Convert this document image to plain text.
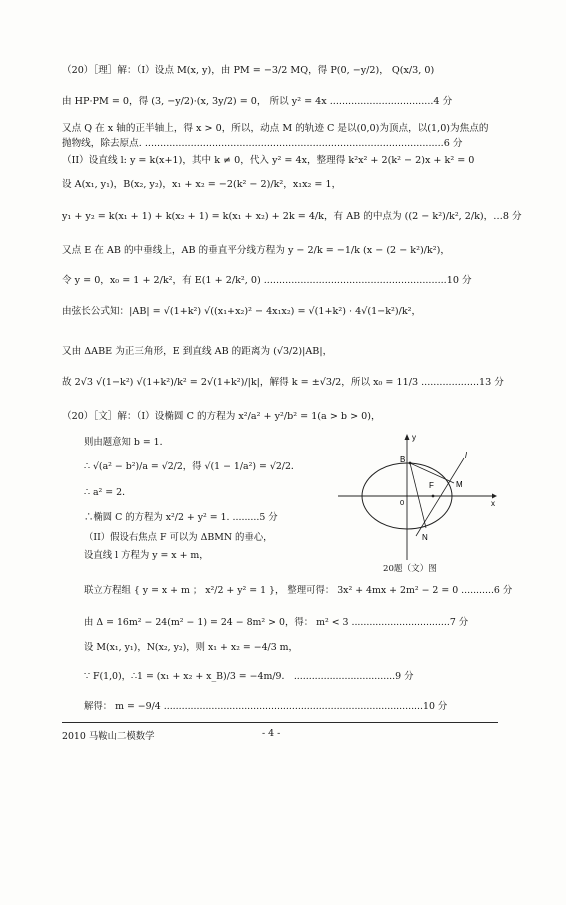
（20）［理］解：（I）设点 M(x, y)，由 PM = −3/2 MQ，得 P(0, −y/2)， Q(x/3, 0)
由 HP·PM = 0，得 (3, −y/2)·(x, 3y/2) = 0， 所以 y² = 4x ..................................4 分
又点 Q 在 x 轴的正半轴上，得 x > 0，所以，动点 M 的轨迹 C 是以(0,0)为顶点，以(1,0)为焦点的
抛物线，除去原点. ..................................................................................................6 分
（II）设直线 l: y = k(x+1)，其中 k ≠ 0，代入 y² = 4x，整理得 k²x² + 2(k² − 2)x + k² = 0
设 A(x₁, y₁)，B(x₂, y₂)，x₁ + x₂ = −2(k² − 2)/k²，x₁x₂ = 1，
y₁ + y₂ = k(x₁ + 1) + k(x₂ + 1) = k(x₁ + x₂) + 2k = 4/k，有 AB 的中点为 ((2 − k²)/k², 2/k)，…8 分
又点 E 在 AB 的中垂线上，AB 的垂直平分线方程为 y − 2/k = −1/k (x − (2 − k²)/k²)，
令 y = 0，x₀ = 1 + 2/k²，有 E(1 + 2/k², 0) ............................................................10 分
由弦长公式知：|AB| = √(1+k²) √((x₁+x₂)² − 4x₁x₂) = √(1+k²) · 4√(1−k²)/k²，
又由 ΔABE 为正三角形，E 到直线 AB 的距离为 (√3/2)|AB|，
故 2√3 √(1−k²) √(1+k²)/k² = 2√(1+k²)/|k|，解得 k = ±√3/2，所以 x₀ = 11/3 ...................13 分
（20）［文］解：（I）设椭圆 C 的方程为 x²/a² + y²/b² = 1(a > b > 0)，
则由题意知 b = 1．
∴ √(a² − b²)/a = √2/2，得 √(1 − 1/a²) = √2/2．
∴ a² = 2．
∴椭圆 C 的方程为 x²/2 + y² = 1. .........5 分
（II）假设右焦点 F 可以为 ΔBMN 的垂心，
设直线 l 方程为 y = x + m，
联立方程组 { y = x + m ； x²/2 + y² = 1 }， 整理可得： 3x² + 4mx + 2m² − 2 = 0 ...........6 分
由 Δ = 16m² − 24(m² − 1) = 24 − 8m² > 0，得： m² < 3 .................................7 分
设 M(x₁, y₁)，N(x₂, y₂)，则 x₁ + x₂ = −4/3 m，
∵ F(1,0)，∴1 = (x₁ + x₂ + x_B)/3 = −4m/9． ..................................9 分
解得： m = −9/4 .......................................................................................10 分
y
x
0
B
F	M
N
l
20题（文）图
2010 马鞍山二模数学	- 4 -
